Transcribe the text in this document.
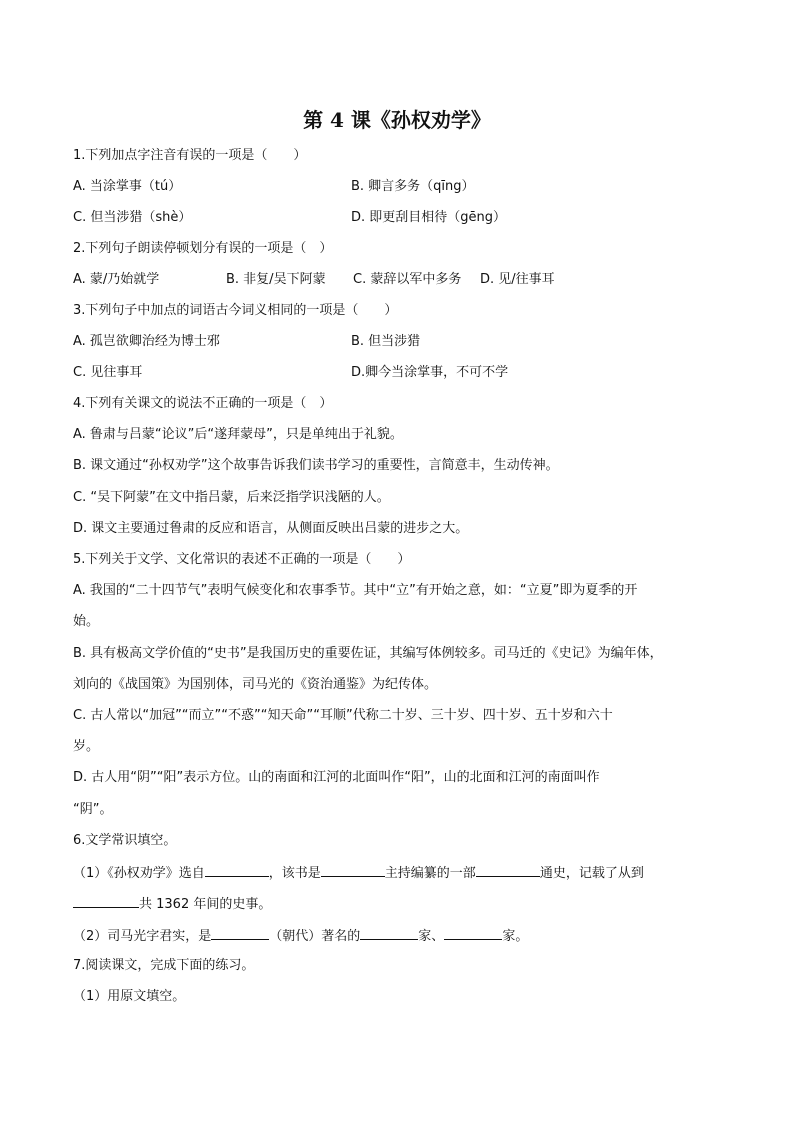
第 4 课《孙权劝学》
1.下列加点字注音有误的一项是（　　）
A. 当涂掌事（tú）	B. 卿言多务（qīng）
C. 但当涉猎（shè）	D. 即更刮目相待（gēng）
2.下列句子朗读停顿划分有误的一项是（　）
A. 蒙/乃始就学	B. 非复/吴下阿蒙 C. 蒙辞以军中多务 D. 见/往事耳
3.下列句子中加点的词语古今词义相同的一项是（　　）
A. 孤岂欲卿治经为博士邪	B. 但当涉猎
C. 见往事耳	D.卿今当涂掌事，不可不学
4.下列有关课文的说法不正确的一项是（　）
A. 鲁肃与吕蒙“论议”后“遂拜蒙母”，只是单纯出于礼貌。
B. 课文通过“孙权劝学”这个故事告诉我们读书学习的重要性，言简意丰，生动传神。
C. “吴下阿蒙”在文中指吕蒙，后来泛指学识浅陋的人。
D. 课文主要通过鲁肃的反应和语言，从侧面反映出吕蒙的进步之大。
5.下列关于文学、文化常识的表述不正确的一项是（　　）
A. 我国的“二十四节气”表明气候变化和农事季节。其中“立”有开始之意，如：“立夏”即为夏季的开
始。
B. 具有极高文学价值的“史书”是我国历史的重要佐证，其编写体例较多。司马迁的《史记》为编年体，
刘向的《战国策》为国别体，司马光的《资治通鉴》为纪传体。
C. 古人常以“加冠”“而立”“不惑”“知天命”“耳顺”代称二十岁、三十岁、四十岁、五十岁和六十
岁。
D. 古人用“阴”“阳”表示方位。山的南面和江河的北面叫作“阳”，山的北面和江河的南面叫作
“阴”。
6.文学常识填空。
（1）《孙权劝学》选自	，该书是	主持编纂的一部	通史，记载了从到
共 1362 年间的史事。
（2）司马光字君实，是	（朝代）著名的	家、	家。
7.阅读课文，完成下面的练习。
（1）用原文填空。
